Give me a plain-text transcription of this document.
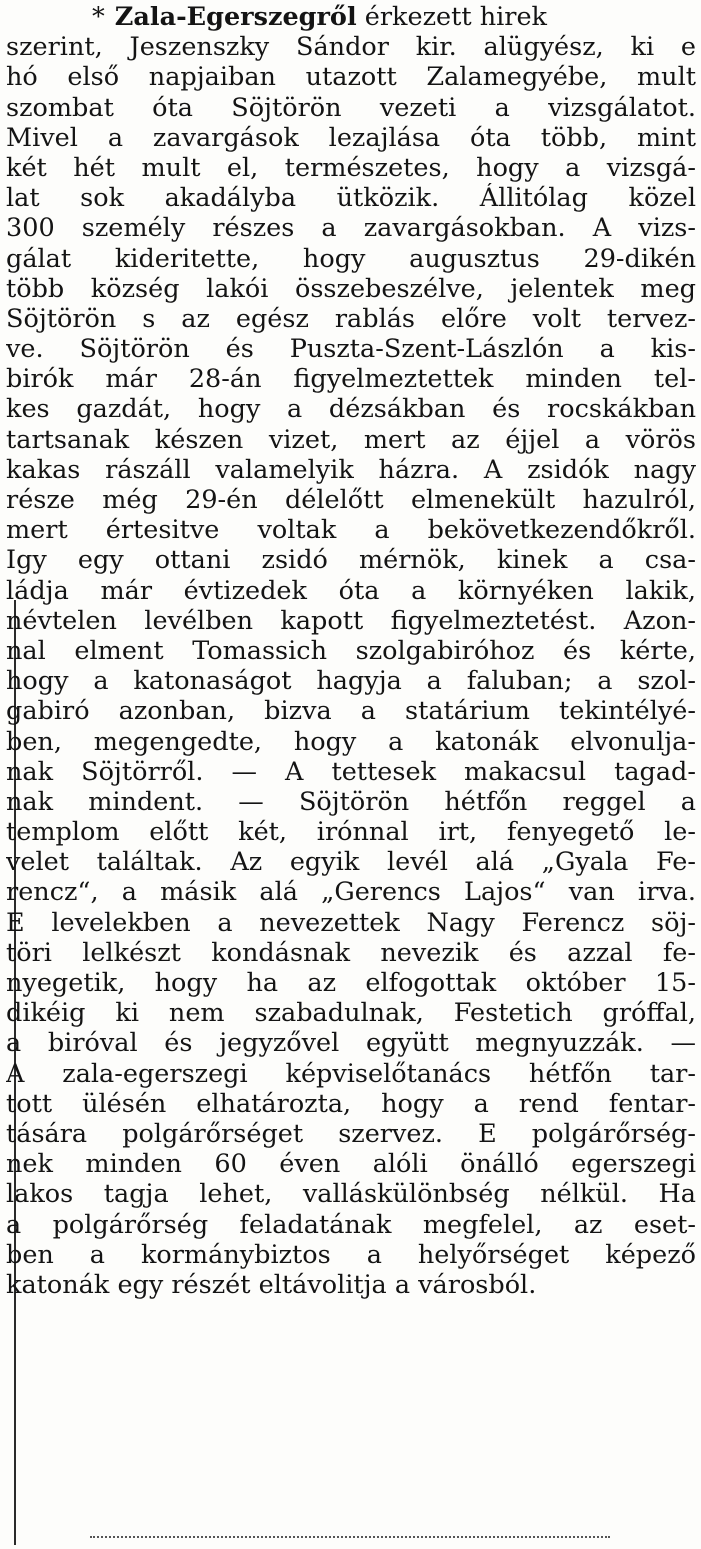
* Zala-Egerszegről érkezett hirek
szerint, Jeszenszky Sándor kir. alügyész, ki e
hó első napjaiban utazott Zalamegyébe, mult
szombat óta Söjtörön vezeti a vizsgálatot.
Mivel a zavargások lezajlása óta több, mint
két hét mult el, természetes, hogy a vizsgá-
lat sok akadályba ütközik. Állitólag közel
300 személy részes a zavargásokban. A vizs-
gálat kideritette, hogy augusztus 29-dikén
több község lakói összebeszélve, jelentek meg
Söjtörön s az egész rablás előre volt tervez-
ve. Söjtörön és Puszta-Szent-Lászlón a kis-
birók már 28-án figyelmeztettek minden tel-
kes gazdát, hogy a dézsákban és rocskákban
tartsanak készen vizet, mert az éjjel a vörös
kakas rászáll valamelyik házra. A zsidók nagy
része még 29-én délelőtt elmenekült hazulról,
mert értesitve voltak a bekövetkezendőkről.
Igy egy ottani zsidó mérnök, kinek a csa-
ládja már évtizedek óta a környéken lakik,
névtelen levélben kapott figyelmeztetést. Azon-
nal elment Tomassich szolgabiróhoz és kérte,
hogy a katonaságot hagyja a faluban; a szol-
gabiró azonban, bizva a statárium tekintélyé-
ben, megengedte, hogy a katonák elvonulja-
nak Söjtörről. — A tettesek makacsul tagad-
nak mindent. — Söjtörön hétfőn reggel a
templom előtt két, irónnal irt, fenyegető le-
velet találtak. Az egyik levél alá „Gyala Fe-
rencz“, a másik alá „Gerencs Lajos“ van irva.
E levelekben a nevezettek Nagy Ferencz söj-
töri lelkészt kondásnak nevezik és azzal fe-
nyegetik, hogy ha az elfogottak október 15-
dikéig ki nem szabadulnak, Festetich gróffal,
a biróval és jegyzővel együtt megnyuzzák. —
A zala-egerszegi képviselőtanács hétfőn tar-
tott ülésén elhatározta, hogy a rend fentar-
tására polgárőrséget szervez. E polgárőrség-
nek minden 60 éven alóli önálló egerszegi
lakos tagja lehet, valláskülönbség nélkül. Ha
a polgárőrség feladatának megfelel, az eset-
ben a kormánybiztos a helyőrséget képező
katonák egy részét eltávolitja a városból.
